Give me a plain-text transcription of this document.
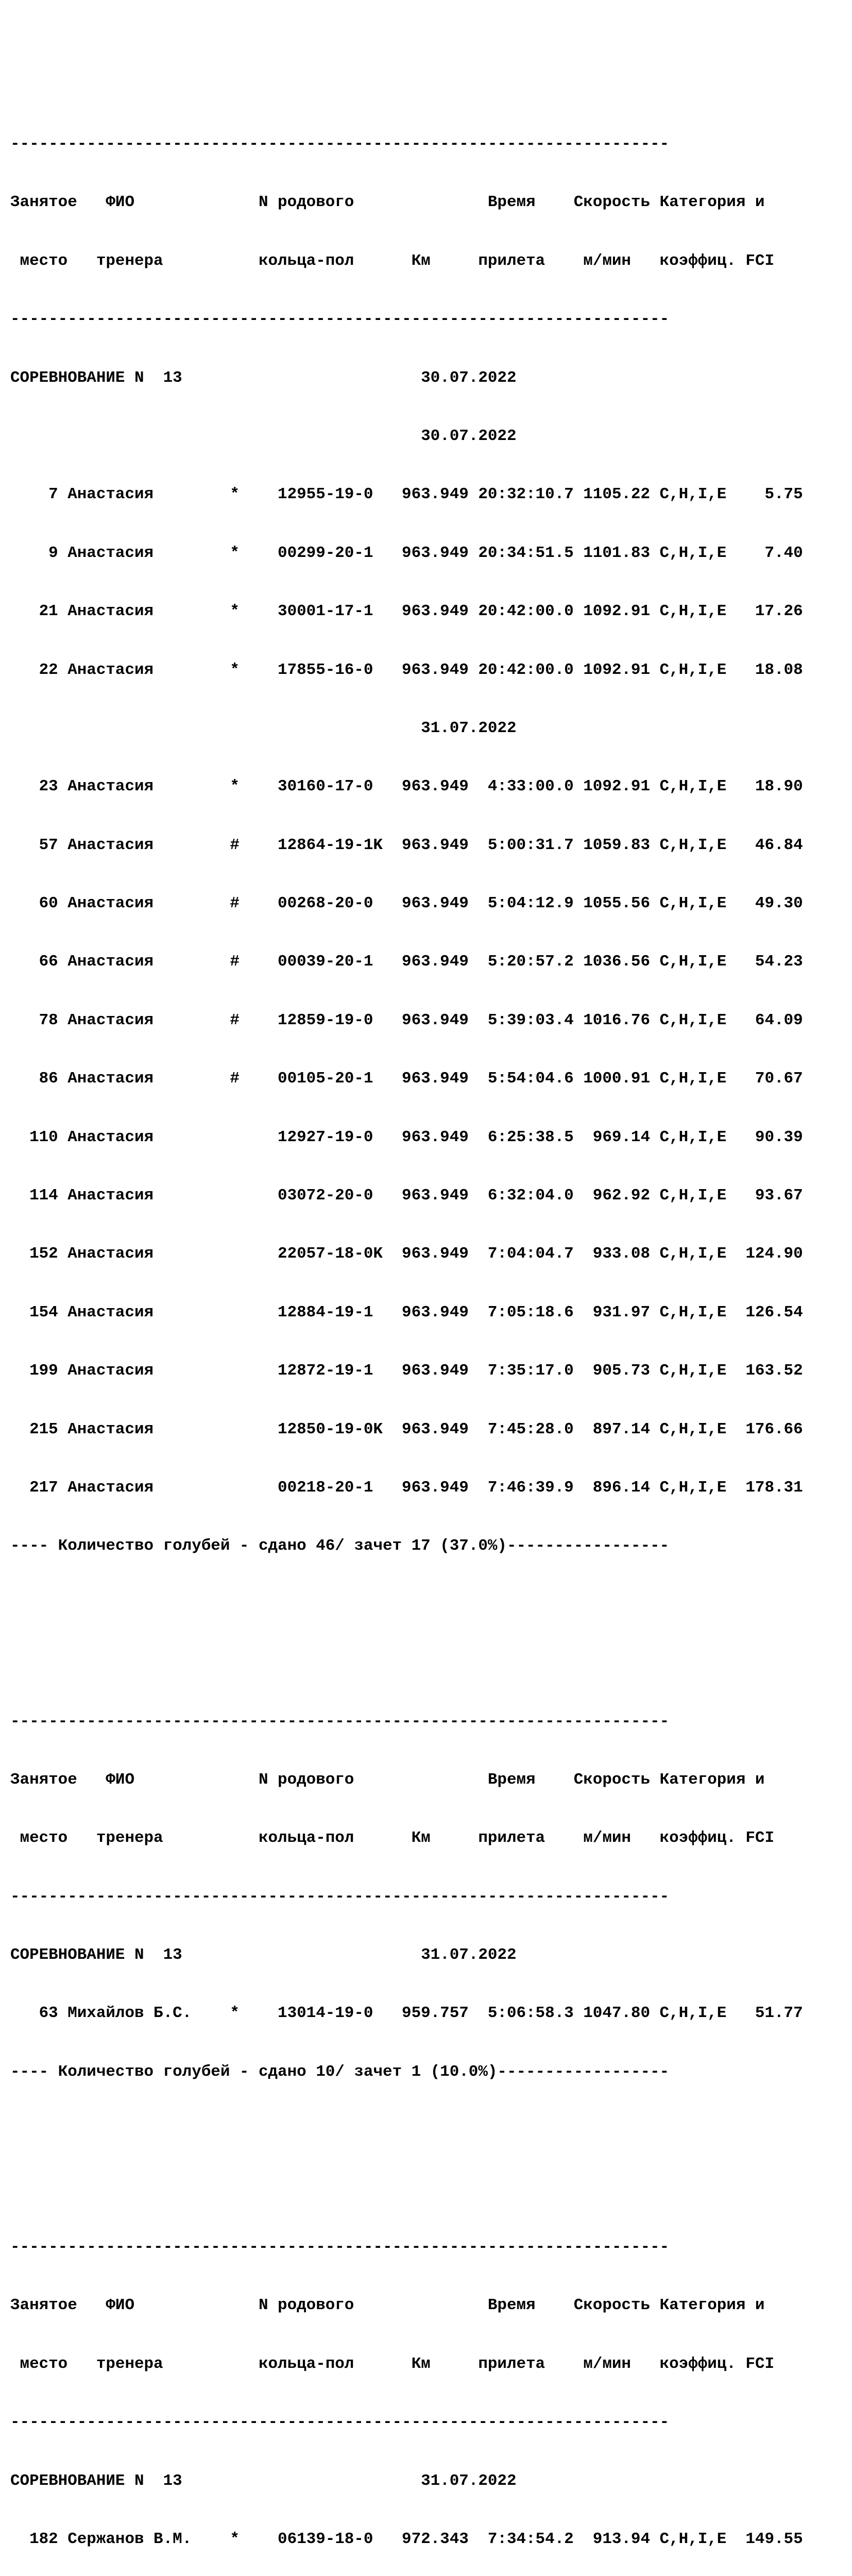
---------------------------------------------------------------------

Занятое   ФИО             N родового              Время    Скорость Категория и

место   тренера          кольца-пол      Км     прилета    м/мин   коэффиц. FCI

---------------------------------------------------------------------

СОРЕВНОВАНИЕ N  13                         30.07.2022

30.07.2022

7 Анастасия        *    12955-19-0   963.949 20:32:10.7 1105.22 C,H,I,E    5.75

9 Анастасия        *    00299-20-1   963.949 20:34:51.5 1101.83 C,H,I,E    7.40

21 Анастасия        *    30001-17-1   963.949 20:42:00.0 1092.91 C,H,I,E   17.26

22 Анастасия        *    17855-16-0   963.949 20:42:00.0 1092.91 C,H,I,E   18.08

31.07.2022

23 Анастасия        *    30160-17-0   963.949  4:33:00.0 1092.91 C,H,I,E   18.90

57 Анастасия        #    12864-19-1K  963.949  5:00:31.7 1059.83 C,H,I,E   46.84

60 Анастасия        #    00268-20-0   963.949  5:04:12.9 1055.56 C,H,I,E   49.30

66 Анастасия        #    00039-20-1   963.949  5:20:57.2 1036.56 C,H,I,E   54.23

78 Анастасия        #    12859-19-0   963.949  5:39:03.4 1016.76 C,H,I,E   64.09

86 Анастасия        #    00105-20-1   963.949  5:54:04.6 1000.91 C,H,I,E   70.67

110 Анастасия             12927-19-0   963.949  6:25:38.5  969.14 C,H,I,E   90.39

114 Анастасия             03072-20-0   963.949  6:32:04.0  962.92 C,H,I,E   93.67

152 Анастасия             22057-18-0K  963.949  7:04:04.7  933.08 C,H,I,E  124.90

154 Анастасия             12884-19-1   963.949  7:05:18.6  931.97 C,H,I,E  126.54

199 Анастасия             12872-19-1   963.949  7:35:17.0  905.73 C,H,I,E  163.52

215 Анастасия             12850-19-0K  963.949  7:45:28.0  897.14 C,H,I,E  176.66

217 Анастасия             00218-20-1   963.949  7:46:39.9  896.14 C,H,I,E  178.31

---- Количество голубей - сдано 46/ зачет 17 (37.0%)-----------------

---------------------------------------------------------------------

Занятое   ФИО             N родового              Время    Скорость Категория и

место   тренера          кольца-пол      Км     прилета    м/мин   коэффиц. FCI

---------------------------------------------------------------------

СОРЕВНОВАНИЕ N  13                         31.07.2022

63 Михайлов Б.С.    *    13014-19-0   959.757  5:06:58.3 1047.80 C,H,I,E   51.77

---- Количество голубей - сдано 10/ зачет 1 (10.0%)------------------

---------------------------------------------------------------------

Занятое   ФИО             N родового              Время    Скорость Категория и

место   тренера          кольца-пол      Км     прилета    м/мин   коэффиц. FCI

---------------------------------------------------------------------

СОРЕВНОВАНИЕ N  13                         31.07.2022

182 Сержанов В.М.    *    06139-18-0   972.343  7:34:54.2  913.94 C,H,I,E  149.55
